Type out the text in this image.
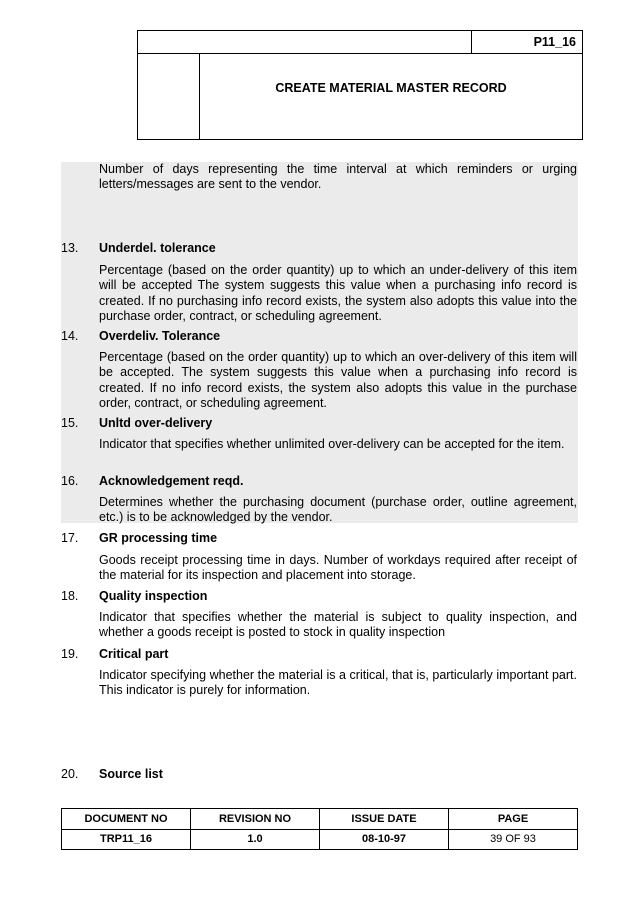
P11_16
CREATE MATERIAL MASTER RECORD
Number of days representing the time interval at which reminders or urging letters/messages are sent to the vendor.
13. Underdel. tolerance
Percentage (based on the order quantity) up to which an under-delivery of this item will be accepted The system suggests this value when a purchasing info record is created. If no purchasing info record exists, the system also adopts this value into the purchase order, contract, or scheduling agreement.
14. Overdeliv. Tolerance
Percentage (based on the order quantity) up to which an over-delivery of this item will be accepted. The system suggests this value when a purchasing info record is created. If no info record exists, the system also adopts this value in the purchase order, contract, or scheduling agreement.
15. Unltd over-delivery
Indicator that specifies whether unlimited over-delivery can be accepted for the item.
16. Acknowledgement reqd.
Determines whether the purchasing document (purchase order, outline agreement, etc.) is to be acknowledged by the vendor.
17. GR processing time
Goods receipt processing time in days. Number of workdays required after receipt of the material for its inspection and placement into storage.
18. Quality inspection
Indicator that specifies whether the material is subject to quality inspection, and whether a goods receipt is posted to stock in quality inspection
19. Critical part
Indicator specifying whether the material is a critical, that is, particularly important part. This indicator is purely for information.
20. Source list
DOCUMENT NO	REVISION NO	ISSUE DATE	PAGE
TRP11_16	1.0	08-10-97	39 OF 93
